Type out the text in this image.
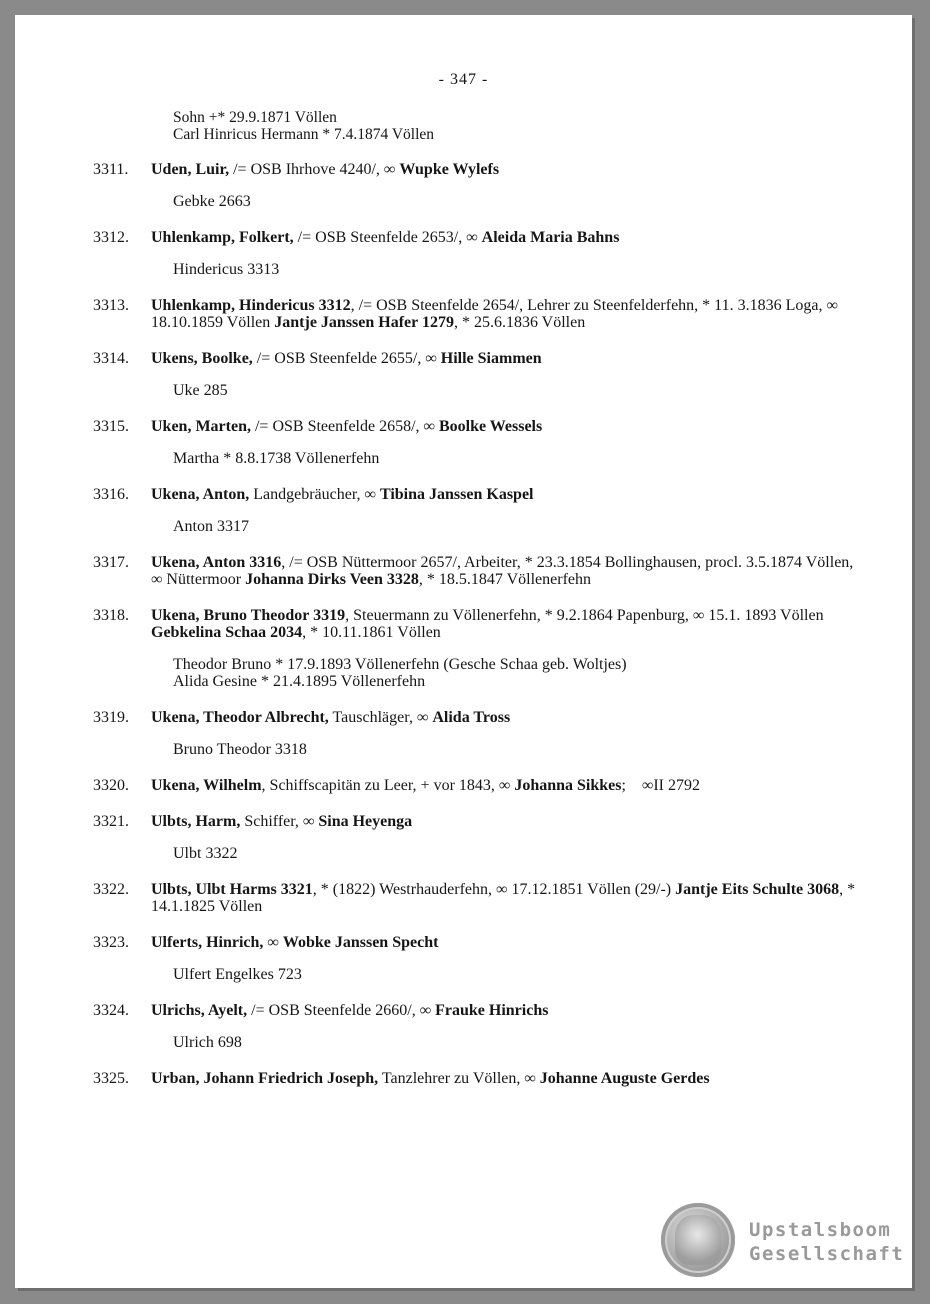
- 347 -
Sohn +* 29.9.1871 Völlen
Carl Hinricus Hermann * 7.4.1874 Völlen
3311.	Uden, Luir, /= OSB Ihrhove 4240/, ∞ Wupke Wylefs
Gebke 2663
3312.	Uhlenkamp, Folkert, /= OSB Steenfelde 2653/, ∞ Aleida Maria Bahns
Hindericus 3313
3313.	Uhlenkamp, Hindericus 3312, /= OSB Steenfelde 2654/, Lehrer zu Steenfelderfehn, * 11. 3.1836 Loga, ∞ 18.10.1859 Völlen Jantje Janssen Hafer 1279, * 25.6.1836 Völlen
3314.	Ukens, Boolke, /= OSB Steenfelde 2655/, ∞ Hille Siammen
Uke 285
3315.	Uken, Marten, /= OSB Steenfelde 2658/, ∞ Boolke Wessels
Martha * 8.8.1738 Völlenerfehn
3316.	Ukena, Anton, Landgebräucher, ∞ Tibina Janssen Kaspel
Anton 3317
3317.	Ukena, Anton 3316, /= OSB Nüttermoor 2657/, Arbeiter, * 23.3.1854 Bollinghausen, procl. 3.5.1874 Völlen, ∞ Nüttermoor Johanna Dirks Veen 3328, * 18.5.1847 Völlenerfehn
3318.	Ukena, Bruno Theodor 3319, Steuermann zu Völlenerfehn, * 9.2.1864 Papenburg, ∞ 15.1. 1893 Völlen Gebkelina Schaa 2034, * 10.11.1861 Völlen
Theodor Bruno * 17.9.1893 Völlenerfehn (Gesche Schaa geb. Woltjes)
Alida Gesine * 21.4.1895 Völlenerfehn
3319.	Ukena, Theodor Albrecht, Tauschläger, ∞ Alida Tross
Bruno Theodor 3318
3320.	Ukena, Wilhelm, Schiffscapitän zu Leer, + vor 1843, ∞ Johanna Sikkes;    ∞II 2792
3321.	Ulbts, Harm, Schiffer, ∞ Sina Heyenga
Ulbt 3322
3322.	Ulbts, Ulbt Harms 3321, * (1822) Westrhauderfehn, ∞ 17.12.1851 Völlen (29/-) Jantje Eits Schulte 3068, * 14.1.1825 Völlen
3323.	Ulferts, Hinrich, ∞ Wobke Janssen Specht
Ulfert Engelkes 723
3324.	Ulrichs, Ayelt, /= OSB Steenfelde 2660/, ∞ Frauke Hinrichs
Ulrich 698
3325.	Urban, Johann Friedrich Joseph, Tanzlehrer zu Völlen, ∞ Johanne Auguste Gerdes
Upstalsboom
Gesellschaft
